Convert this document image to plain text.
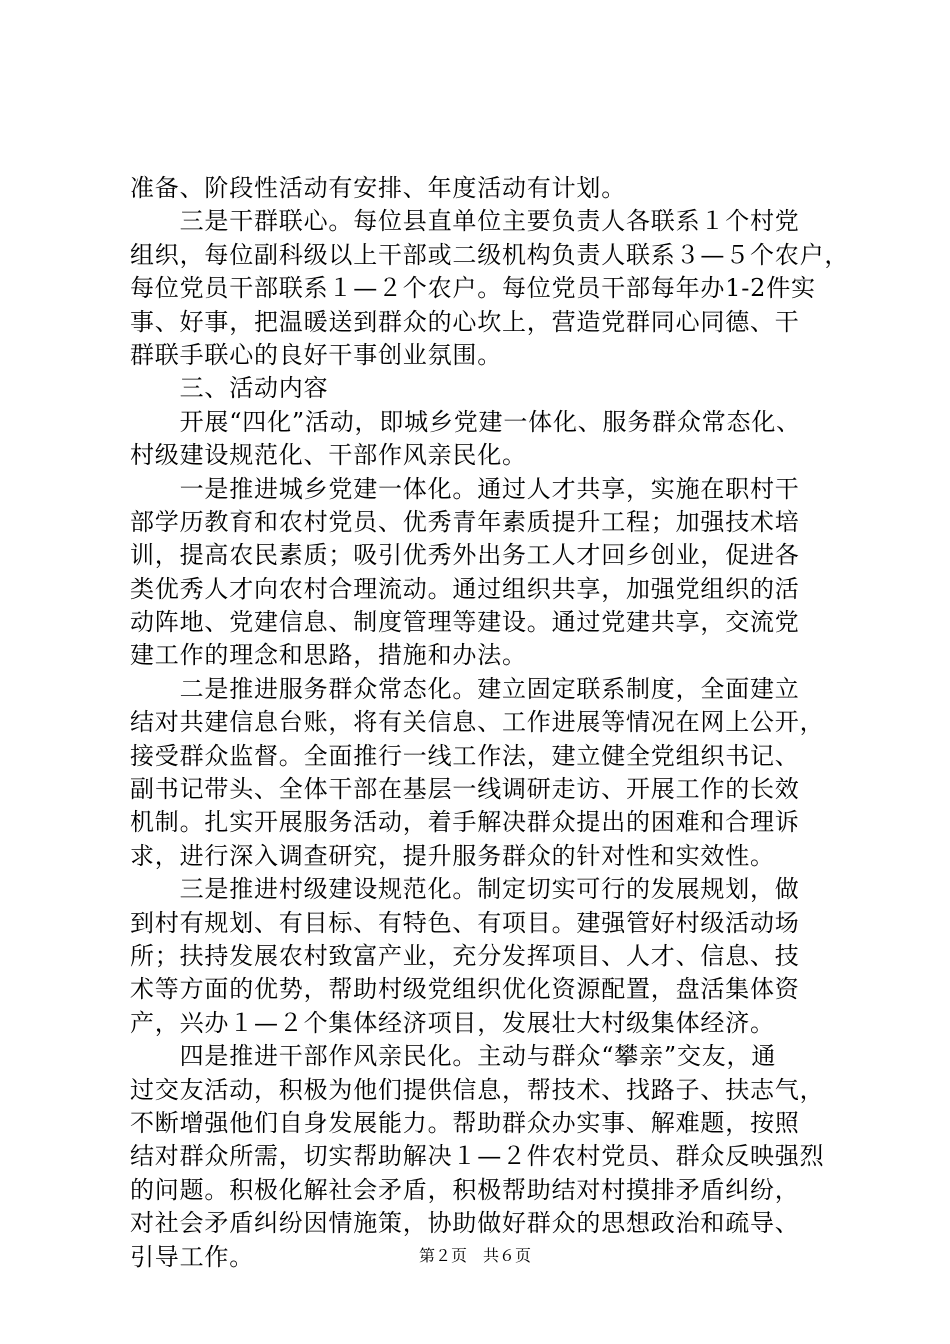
准备、阶段性活动有安排、年度活动有计划。
　　三是干群联心。每位县直单位主要负责人各联系１个村党
组织，每位副科级以上干部或二级机构负责人联系３—５个农户，
每位党员干部联系１—２个农户。每位党员干部每年办1-2件实
事、好事，把温暖送到群众的心坎上，营造党群同心同德、干
群联手联心的良好干事创业氛围。
　　三、活动内容
　　开展“四化”活动，即城乡党建一体化、服务群众常态化、
村级建设规范化、干部作风亲民化。
　　一是推进城乡党建一体化。通过人才共享，实施在职村干
部学历教育和农村党员、优秀青年素质提升工程；加强技术培
训，提高农民素质；吸引优秀外出务工人才回乡创业，促进各
类优秀人才向农村合理流动。通过组织共享，加强党组织的活
动阵地、党建信息、制度管理等建设。通过党建共享，交流党
建工作的理念和思路，措施和办法。
　　二是推进服务群众常态化。建立固定联系制度，全面建立
结对共建信息台账，将有关信息、工作进展等情况在网上公开，
接受群众监督。全面推行一线工作法，建立健全党组织书记、
副书记带头、全体干部在基层一线调研走访、开展工作的长效
机制。扎实开展服务活动，着手解决群众提出的困难和合理诉
求，进行深入调查研究，提升服务群众的针对性和实效性。
　　三是推进村级建设规范化。制定切实可行的发展规划，做
到村有规划、有目标、有特色、有项目。建强管好村级活动场
所；扶持发展农村致富产业，充分发挥项目、人才、信息、技
术等方面的优势，帮助村级党组织优化资源配置，盘活集体资
产，兴办１—２个集体经济项目，发展壮大村级集体经济。
　　四是推进干部作风亲民化。主动与群众“攀亲”交友，通
过交友活动，积极为他们提供信息，帮技术、找路子、扶志气，
不断增强他们自身发展能力。帮助群众办实事、解难题，按照
结对群众所需，切实帮助解决１—２件农村党员、群众反映强烈
的问题。积极化解社会矛盾，积极帮助结对村摸排矛盾纠纷，
对社会矛盾纠纷因情施策，协助做好群众的思想政治和疏导、
引导工作。	第２页　共６页
